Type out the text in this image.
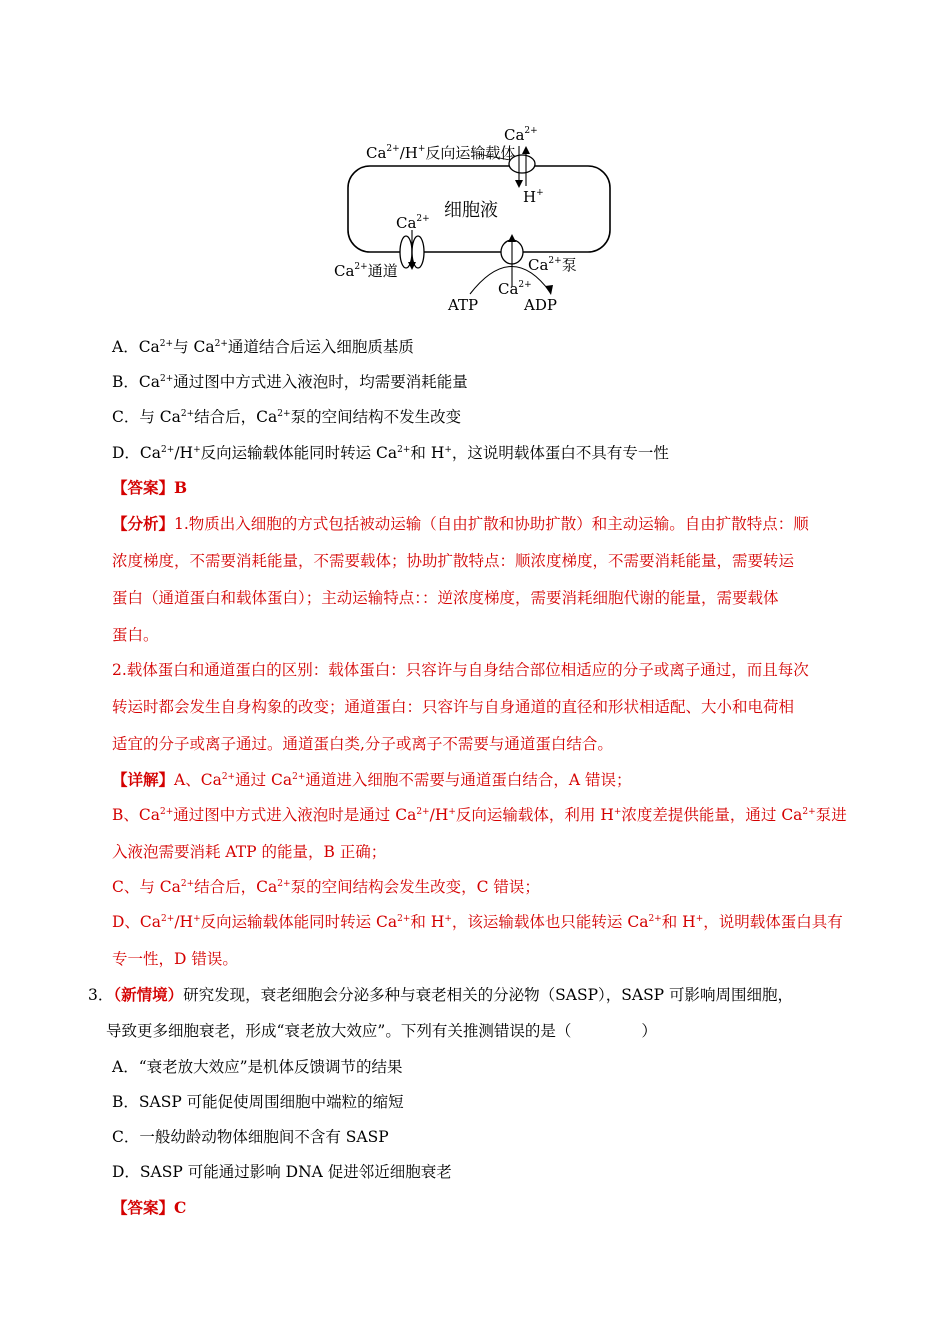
$Ca^{2+}$
$Ca^{2+}/H^+$反向运输载体
H+
细胞液
$Ca^{2+}$
$Ca^{2+}$通道	$Ca^{2+}$泵
$Ca^{2+}$
ATP	ADP
A．$Ca^{2+}$与 $Ca^{2+}$通道结合后运入细胞质基质
B．$Ca^{2+}$通过图中方式进入液泡时，均需要消耗能量
C．与 $Ca^{2+}$结合后，$Ca^{2+}$泵的空间结构不发生改变
D．$Ca^{2+}/H^+$反向运输载体能同时转运 $Ca^{2+}$和 H+，这说明载体蛋白不具有专一性
【答案】B
【分析】1.物质出入细胞的方式包括被动运输（自由扩散和协助扩散）和主动运输。自由扩散特点：顺
浓度梯度，不需要消耗能量，不需要载体；协助扩散特点：顺浓度梯度，不需要消耗能量，需要转运
蛋白（通道蛋白和载体蛋白）；主动运输特点：：逆浓度梯度，需要消耗细胞代谢的能量，需要载体
蛋白。
2.载体蛋白和通道蛋白的区别：载体蛋白：只容许与自身结合部位相适应的分子或离子通过，而且每次
转运时都会发生自身构象的改变；通道蛋白：只容许与自身通道的直径和形状相适配、大小和电荷相
适宜的分子或离子通过。通道蛋白类,分子或离子不需要与通道蛋白结合。
【详解】A、$Ca^{2+}$通过 $Ca^{2+}$通道进入细胞不需要与通道蛋白结合，A 错误；
B、$Ca^{2+}$通过图中方式进入液泡时是通过 $Ca^{2+}/H^+$反向运输载体，利用 H+浓度差提供能量，通过 $Ca^{2+}$泵进
入液泡需要消耗 ATP 的能量，B 正确；
C、与 $Ca^{2+}$结合后，$Ca^{2+}$泵的空间结构会发生改变，C 错误；
D、$Ca^{2+}/H^+$反向运输载体能同时转运 $Ca^{2+}$和 H+，该运输载体也只能转运 $Ca^{2+}$和 H+，说明载体蛋白具有
专一性，D 错误。
3．（新情境）研究发现，衰老细胞会分泌多种与衰老相关的分泌物（SASP），SASP 可影响周围细胞，
导致更多细胞衰老，形成“衰老放大效应”。下列有关推测错误的是（	）
A．“衰老放大效应”是机体反馈调节的结果
B．SASP 可能促使周围细胞中端粒的缩短
C．一般幼龄动物体细胞间不含有 SASP
D．SASP 可能通过影响 DNA 促进邻近细胞衰老
【答案】C
